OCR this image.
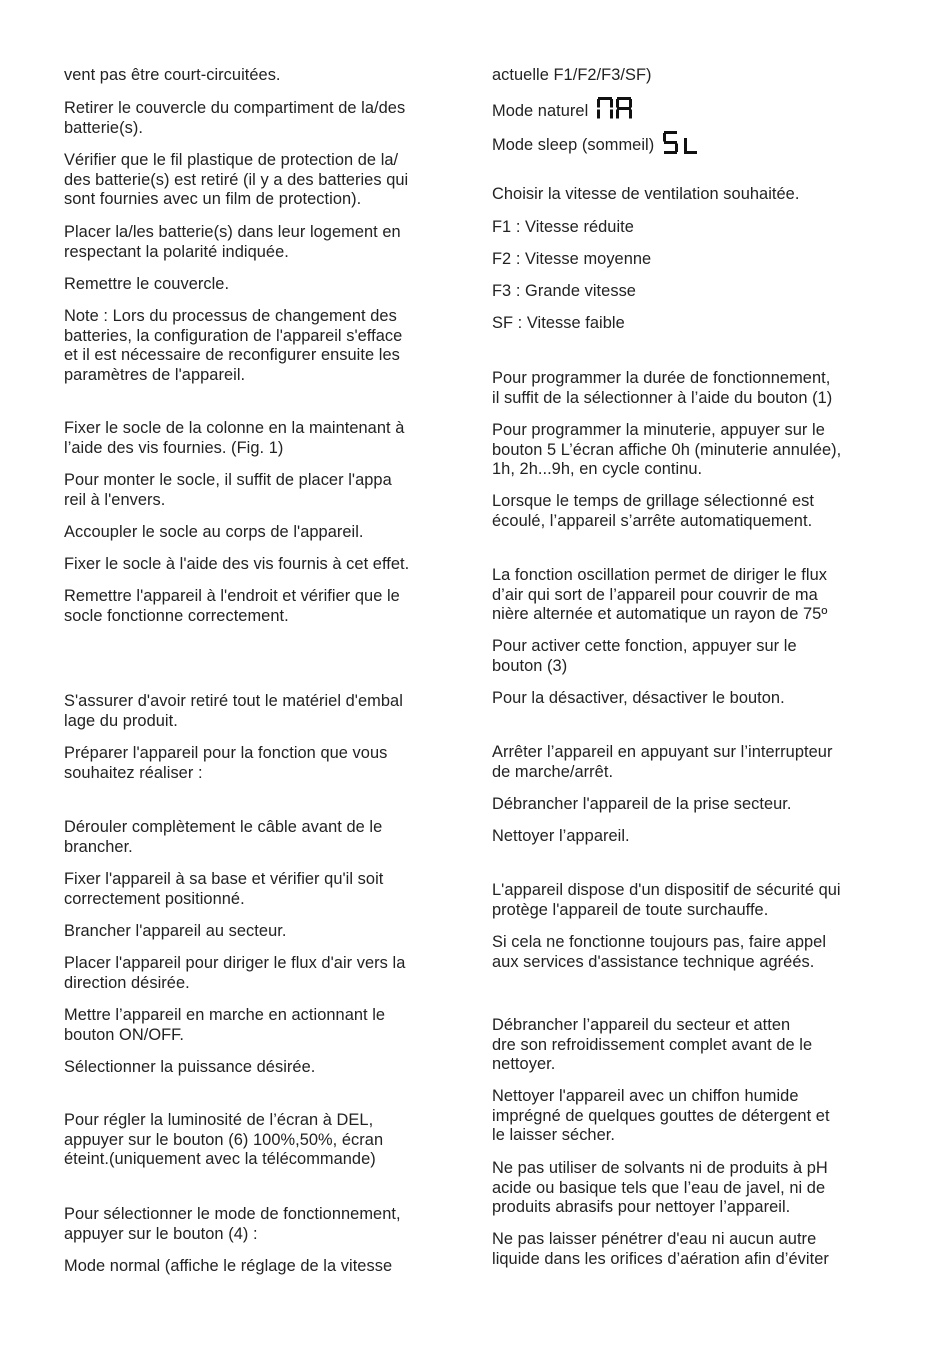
vent pas être court-circuitées.
Retirer le couvercle du compartiment de la/des
batterie(s).
Vérifier que le fil plastique de protection de la/
des batterie(s) est retiré (il y a des batteries qui
sont fournies avec un film de protection).
Placer la/les batterie(s) dans leur logement en
respectant la polarité indiquée.
Remettre le couvercle.
Note : Lors du processus de changement des
batteries, la configuration de l'appareil s'efface
et il est nécessaire de reconfigurer ensuite les
paramètres de l'appareil.
Fixer le socle de la colonne en la maintenant à
l’aide des vis fournies. (Fig. 1)
Pour monter le socle, il suffit de placer l'appa
reil à l'envers.
Accoupler le socle au corps de l'appareil.
Fixer le socle à l'aide des vis fournis à cet effet.
Remettre l'appareil à l'endroit et vérifier que le
socle fonctionne correctement.
S'assurer d'avoir retiré tout le matériel d'embal
lage du produit.
Préparer l'appareil pour la fonction que vous
souhaitez réaliser :
Dérouler complètement le câble avant de le
brancher.
Fixer l'appareil à sa base et vérifier qu'il soit
correctement positionné.
Brancher l'appareil au secteur.
Placer l'appareil pour diriger le flux d'air vers la
direction désirée.
Mettre l’appareil en marche en actionnant le
bouton ON/OFF.
Sélectionner la puissance désirée.
Pour régler la luminosité de l’écran à DEL,
appuyer sur le bouton (6) 100%,50%, écran
éteint.(uniquement avec la télécommande)
Pour sélectionner le mode de fonctionnement,
appuyer sur le bouton (4) :
Mode normal (affiche le réglage de la vitesse
actuelle F1/F2/F3/SF)
Mode naturel
Mode sleep (sommeil)
Choisir la vitesse de ventilation souhaitée.
F1 : Vitesse réduite
F2 : Vitesse moyenne
F3 : Grande vitesse
SF : Vitesse faible
Pour programmer la durée de fonctionnement,
il suffit de la sélectionner à l’aide du bouton (1)
Pour programmer la minuterie, appuyer sur le
bouton 5 L’écran affiche 0h (minuterie annulée),
1h, 2h...9h, en cycle continu.
Lorsque le temps de grillage sélectionné est
écoulé, l’appareil s’arrête automatiquement.
La fonction oscillation permet de diriger le flux
d’air qui sort de l’appareil pour couvrir de ma
nière alternée et automatique un rayon de 75º
Pour activer cette fonction, appuyer sur le
bouton (3)
Pour la désactiver, désactiver le bouton.
Arrêter l’appareil en appuyant sur l’interrupteur
de marche/arrêt.
Débrancher l'appareil de la prise secteur.
Nettoyer l’appareil.
L'appareil dispose d'un dispositif de sécurité qui
protège l'appareil de toute surchauffe.
Si cela ne fonctionne toujours pas, faire appel
aux services d'assistance technique agréés.
Débrancher l’appareil du secteur et atten
dre son refroidissement complet avant de le
nettoyer.
Nettoyer l'appareil avec un chiffon humide
imprégné de quelques gouttes de détergent et
le laisser sécher.
Ne pas utiliser de solvants ni de produits à pH
acide ou basique tels que l’eau de javel, ni de
produits abrasifs pour nettoyer l’appareil.
Ne pas laisser pénétrer d'eau ni aucun autre
liquide dans les orifices d’aération afin d’éviter
